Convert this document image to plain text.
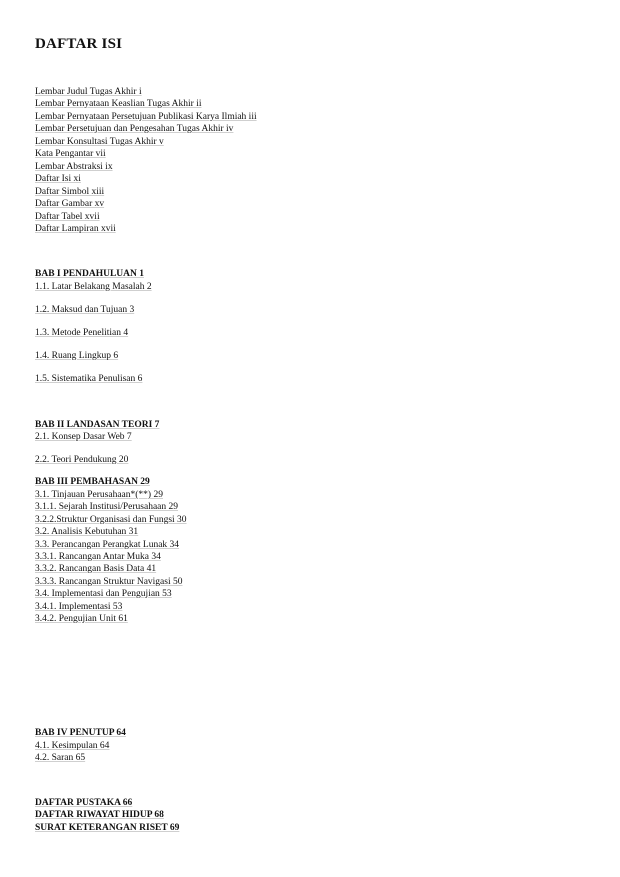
DAFTAR ISI
Lembar Judul Tugas Akhir i
Lembar Pernyataan Keaslian Tugas Akhir ii
Lembar Pernyataan Persetujuan Publikasi Karya Ilmiah iii
Lembar Persetujuan dan Pengesahan Tugas Akhir iv
Lembar Konsultasi Tugas Akhir v
Kata Pengantar vii
Lembar Abstraksi ix
Daftar Isi xi
Daftar Simbol xiii
Daftar Gambar xv
Daftar Tabel xvii
Daftar Lampiran xvii
BAB I PENDAHULUAN 1
1.1. Latar Belakang Masalah 2
1.2. Maksud dan Tujuan 3
1.3. Metode Penelitian 4
1.4. Ruang Lingkup 6
1.5. Sistematika Penulisan 6
BAB II LANDASAN TEORI 7
2.1. Konsep Dasar Web 7
2.2. Teori Pendukung 20
BAB III PEMBAHASAN 29
3.1. Tinjauan Perusahaan*(**) 29
3.1.1. Sejarah Institusi/Perusahaan 29
3.2.2.Struktur Organisasi dan Fungsi 30
3.2. Analisis Kebutuhan 31
3.3. Perancangan Perangkat Lunak 34
3.3.1. Rancangan Antar Muka 34
3.3.2. Rancangan Basis Data 41
3.3.3. Rancangan Struktur Navigasi 50
3.4. Implementasi dan Pengujian 53
3.4.1. Implementasi 53
3.4.2. Pengujian Unit 61
BAB IV PENUTUP 64
4.1. Kesimpulan 64
4.2. Saran 65
DAFTAR PUSTAKA 66
DAFTAR RIWAYAT HIDUP 68
SURAT KETERANGAN RISET 69
